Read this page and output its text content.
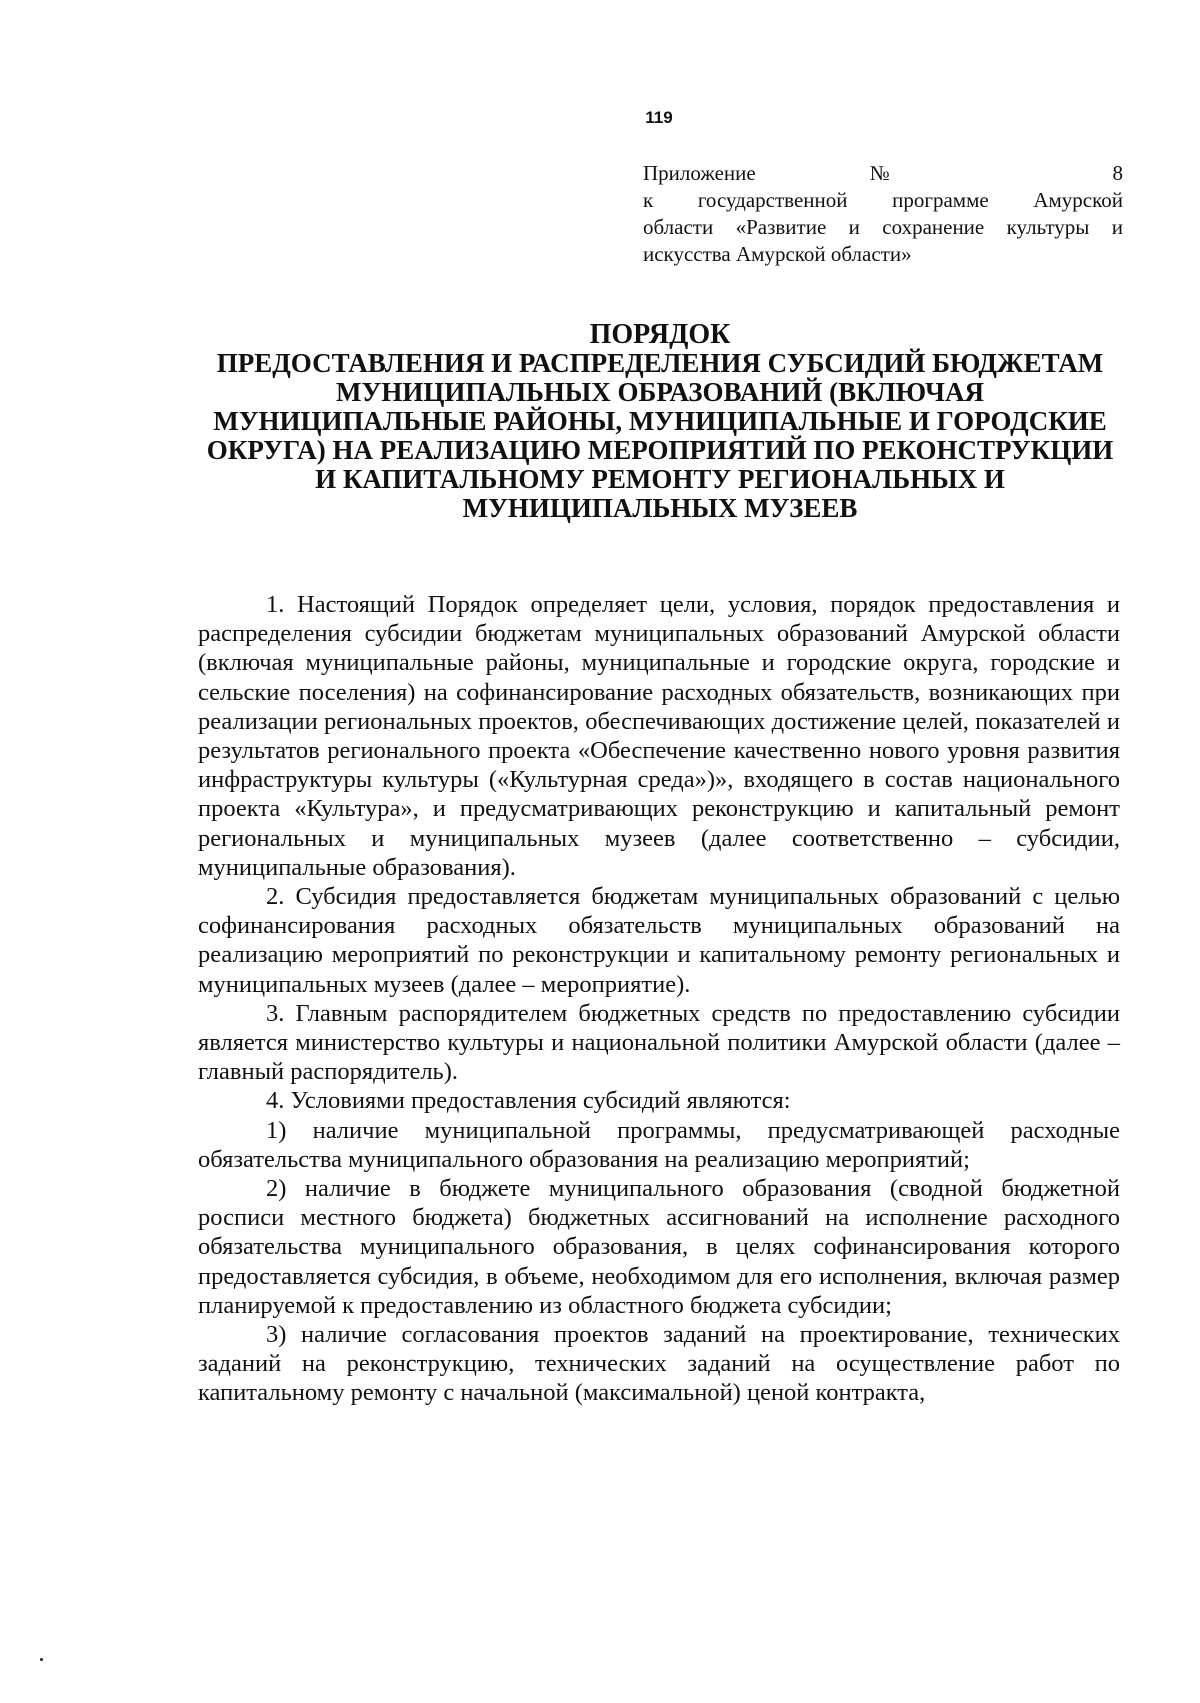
119
Приложение № 8
к государственной программе Амурской
области «Развитие и сохранение культуры и
искусства Амурской области»
ПОРЯДОК
ПРЕДОСТАВЛЕНИЯ И РАСПРЕДЕЛЕНИЯ СУБСИДИЙ БЮДЖЕТАМ
МУНИЦИПАЛЬНЫХ ОБРАЗОВАНИЙ (ВКЛЮЧАЯ
МУНИЦИПАЛЬНЫЕ РАЙОНЫ, МУНИЦИПАЛЬНЫЕ И ГОРОДСКИЕ
ОКРУГА) НА РЕАЛИЗАЦИЮ МЕРОПРИЯТИЙ ПО РЕКОНСТРУКЦИИ
И КАПИТАЛЬНОМУ РЕМОНТУ РЕГИОНАЛЬНЫХ И
МУНИЦИПАЛЬНЫХ МУЗЕЕВ

1. Настоящий Порядок определяет цели, условия, порядок предоставления и распределения субсидии бюджетам муниципальных образований Амурской области (включая муниципальные районы, муниципальные и городские округа, городские и сельские поселения) на софинансирование расходных обязательств, возникающих при реализации региональных проектов, обеспечивающих достижение целей, показателей и результатов регионального проекта «Обеспечение качественно нового уровня развития инфраструктуры культуры («Культурная среда»)», входящего в состав национального проекта «Культура», и предусматривающих реконструкцию и капитальный ремонт региональных и муниципальных музеев (далее соответственно – субсидии, муниципальные образования).

2. Субсидия предоставляется бюджетам муниципальных образований с целью софинансирования расходных обязательств муниципальных образований на реализацию мероприятий по реконструкции и капитальному ремонту региональных и муниципальных музеев (далее – мероприятие).

3. Главным распорядителем бюджетных средств по предоставлению субсидии является министерство культуры и национальной политики Амурской области (далее – главный распорядитель).

4. Условиями предоставления субсидий являются:

1) наличие муниципальной программы, предусматривающей расходные обязательства муниципального образования на реализацию мероприятий;

2) наличие в бюджете муниципального образования (сводной бюджетной росписи местного бюджета) бюджетных ассигнований на исполнение расходного обязательства муниципального образования, в целях софинансирования которого предоставляется субсидия, в объеме, необходимом для его исполнения, включая размер планируемой к предоставлению из областного бюджета субсидии;

3) наличие согласования проектов заданий на проектирование, технических заданий на реконструкцию, технических заданий на осуществление работ по капитальному ремонту с начальной (максимальной) ценой контракта,
